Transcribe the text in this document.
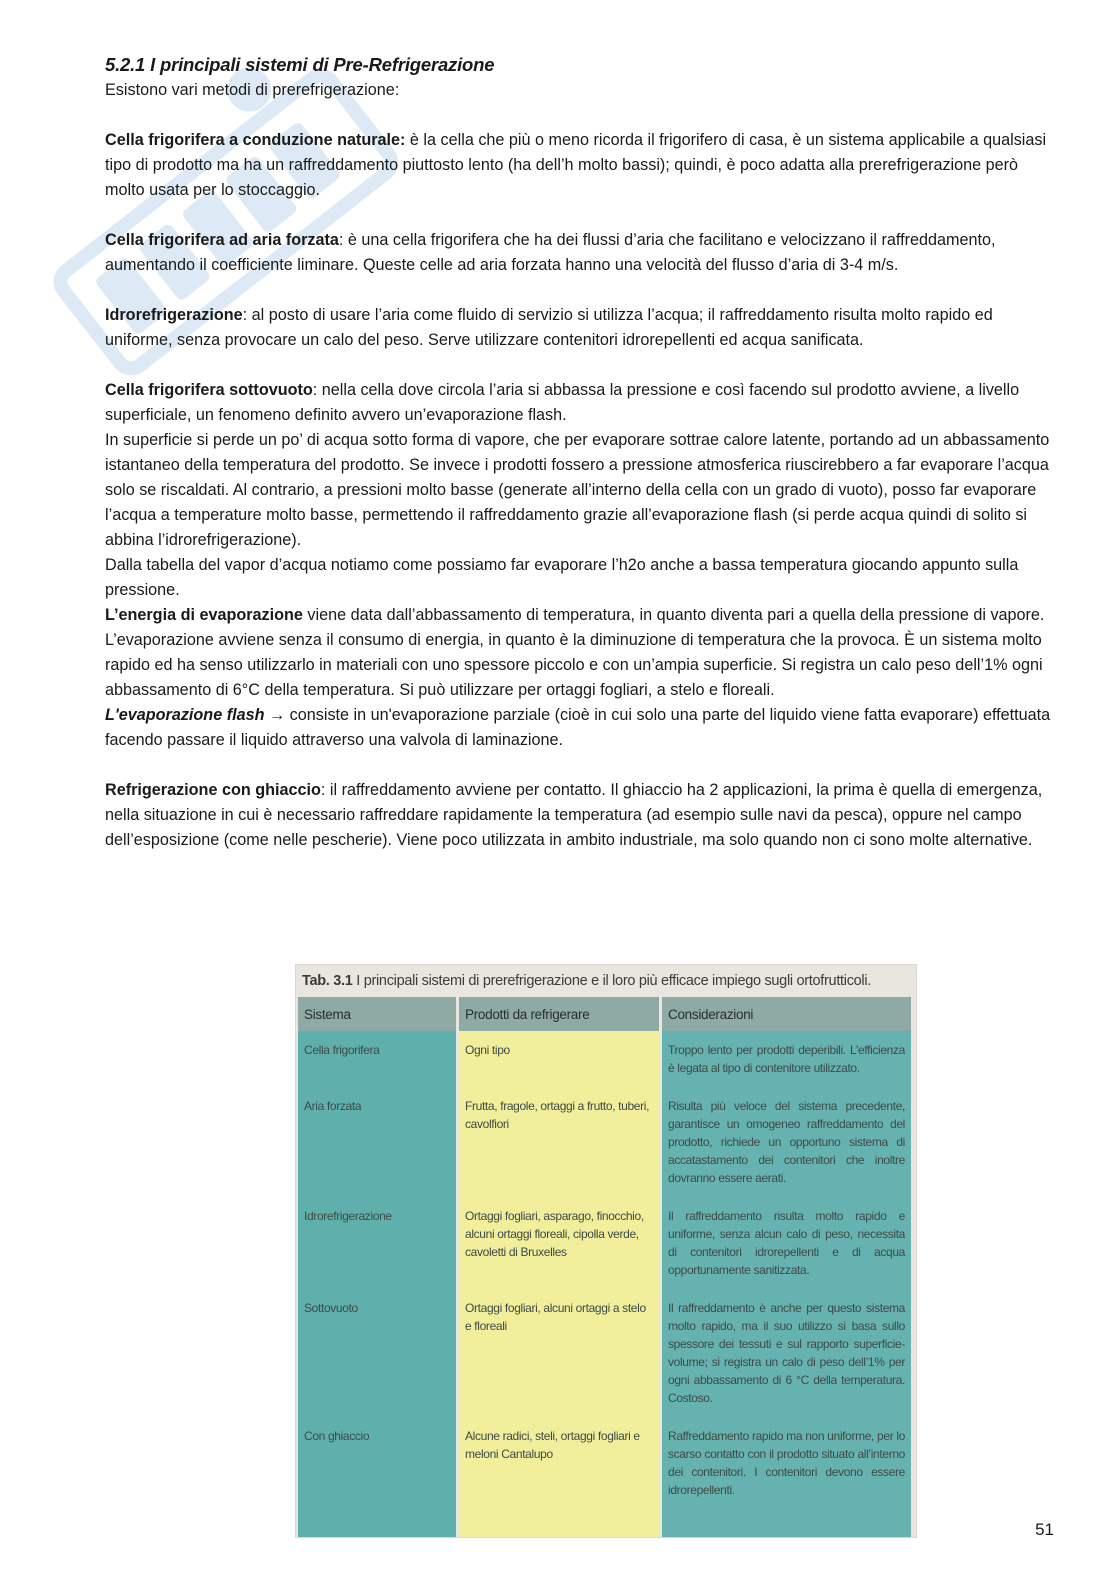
5.2.1 I principali sistemi di Pre-Refrigerazione

Esistono vari metodi di prerefrigerazione:

Cella frigorifera a conduzione naturale: è la cella che più o meno ricorda il frigorifero di casa, è un sistema applicabile a qualsiasi tipo di prodotto ma ha un raffreddamento piuttosto lento (ha dell’h molto bassi); quindi, è poco adatta alla prerefrigerazione però molto usata per lo stoccaggio.

Cella frigorifera ad aria forzata: è una cella frigorifera che ha dei flussi d’aria che facilitano e velocizzano il raffreddamento, aumentando il coefficiente liminare. Queste celle ad aria forzata hanno una velocità del flusso d’aria di 3-4 m/s.

Idrorefrigerazione: al posto di usare l’aria come fluido di servizio si utilizza l’acqua; il raffreddamento risulta molto rapido ed uniforme, senza provocare un calo del peso. Serve utilizzare contenitori idrorepellenti ed acqua sanificata.

Cella frigorifera sottovuoto: nella cella dove circola l’aria si abbassa la pressione e così facendo sul prodotto avviene, a livello superficiale, un fenomeno definito avvero un’evaporazione flash.

In superficie si perde un po’ di acqua sotto forma di vapore, che per evaporare sottrae calore latente, portando ad un abbassamento istantaneo della temperatura del prodotto. Se invece i prodotti fossero a pressione atmosferica riuscirebbero a far evaporare l’acqua solo se riscaldati. Al contrario, a pressioni molto basse (generate all’interno della cella con un grado di vuoto), posso far evaporare l’acqua a temperature molto basse, permettendo il raffreddamento grazie all’evaporazione flash (si perde acqua quindi di solito si abbina l’idrorefrigerazione).

Dalla tabella del vapor d’acqua notiamo come possiamo far evaporare l’h2o anche a bassa temperatura giocando appunto sulla pressione.

L’energia di evaporazione viene data dall’abbassamento di temperatura, in quanto diventa pari a quella della pressione di vapore. L’evaporazione avviene senza il consumo di energia, in quanto è la diminuzione di temperatura che la provoca. È un sistema molto rapido ed ha senso utilizzarlo in materiali con uno spessore piccolo e con un’ampia superficie. Si registra un calo peso dell’1% ogni abbassamento di 6°C della temperatura. Si può utilizzare per ortaggi fogliari, a stelo e floreali.

L'evaporazione flash → consiste in un'evaporazione parziale (cioè in cui solo una parte del liquido viene fatta evaporare) effettuata facendo passare il liquido attraverso una valvola di laminazione.

Refrigerazione con ghiaccio: il raffreddamento avviene per contatto. Il ghiaccio ha 2 applicazioni, la prima è quella di emergenza, nella situazione in cui è necessario raffreddare rapidamente la temperatura (ad esempio sulle navi da pesca), oppure nel campo dell’esposizione (come nelle pescherie). Viene poco utilizzata in ambito industriale, ma solo quando non ci sono molte alternative.

Tab. 3.1 I principali sistemi di prerefrigerazione e il loro più efficace impiego sugli ortofrutticoli.
Sistema	Prodotti da refrigerare	Considerazioni
Cella frigorifera	Ogni tipo	Troppo lento per prodotti deperibili. L’efficienza è legata al tipo di contenitore utilizzato.
Aria forzata	Frutta, fragole, ortaggi a frutto, tuberi, cavolfiori	Risulta più veloce del sistema precedente, garantisce un omogeneo raffreddamento del prodotto, richiede un opportuno sistema di accatastamento dei contenitori che inoltre dovranno essere aerati.
Idrorefrigerazione	Ortaggi fogliari, asparago, finocchio, alcuni ortaggi floreali, cipolla verde, cavoletti di Bruxelles	Il raffreddamento risulta molto rapido e uniforme, senza alcun calo di peso, necessita di contenitori idrorepellenti e di acqua opportunamente sanitizzata.
Sottovuoto	Ortaggi fogliari, alcuni ortaggi a stelo e floreali	Il raffreddamento è anche per questo sistema molto rapido, ma il suo utilizzo si basa sullo spessore dei tessuti e sul rapporto superficie-volume; si registra un calo di peso dell’1% per ogni abbassamento di 6 °C della temperatura. Costoso.
Con ghiaccio	Alcune radici, steli, ortaggi fogliari e meloni Cantalupo	Raffreddamento rapido ma non uniforme, per lo scarso contatto con il prodotto situato all’interno dei contenitori. I contenitori devono essere idrorepellenti.
51
